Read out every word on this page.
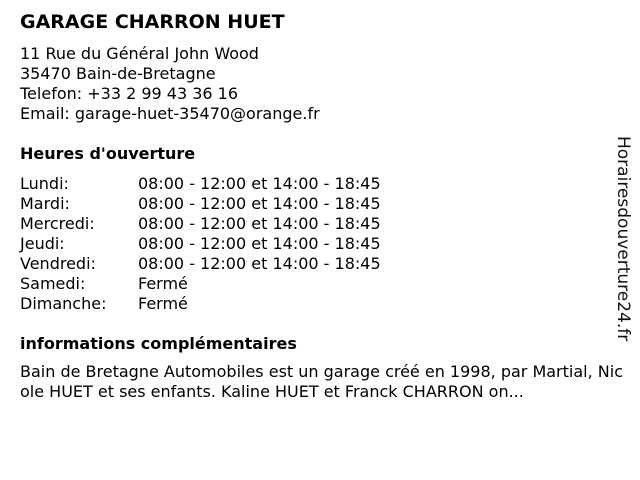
GARAGE CHARRON HUET
11 Rue du Général John Wood
35470 Bain-de-Bretagne
Telefon: +33 2 99 43 36 16
Email: garage-huet-35470@orange.fr
Heures d'ouverture
Lundi:	08:00 - 12:00 et 14:00 - 18:45
Mardi:	08:00 - 12:00 et 14:00 - 18:45
Mercredi:	08:00 - 12:00 et 14:00 - 18:45
Jeudi:	08:00 - 12:00 et 14:00 - 18:45
Vendredi:	08:00 - 12:00 et 14:00 - 18:45
Samedi:	Fermé
Dimanche:	Fermé
informations complémentaires
Bain de Bretagne Automobiles est un garage créé en 1998, par Martial, Nicole HUET et ses enfants. Kaline HUET et Franck CHARRON on...
Horairesdouverture24.fr
